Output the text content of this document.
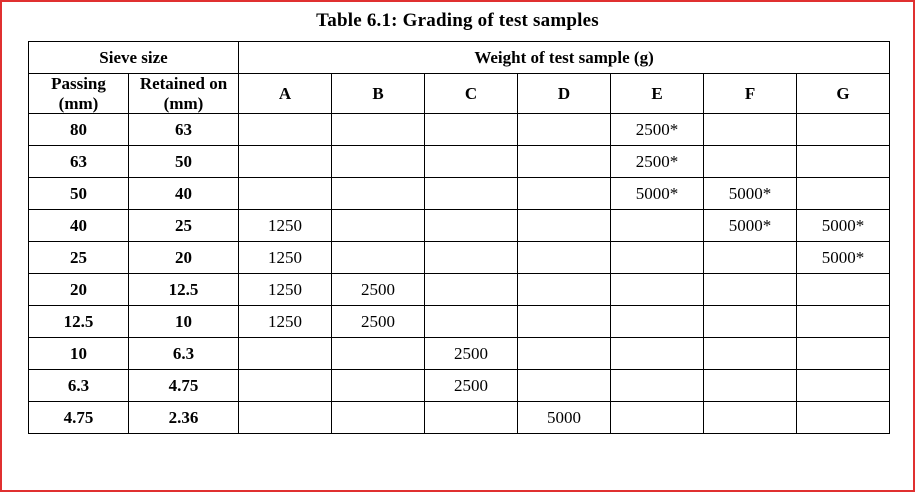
Table 6.1: Grading of test samples
Sieve size		Weight of test sample (g)						
Passing (mm)	Retained on (mm)	A	B	C	D	E	F	G
80	63					2500*		
63	50					2500*		
50	40					5000*	5000*	
40	25	1250					5000*	5000*
25	20	1250						5000*
20	12.5	1250	2500					
12.5	10	1250	2500					
10	6.3			2500				
6.3	4.75			2500				
4.75	2.36				5000			
